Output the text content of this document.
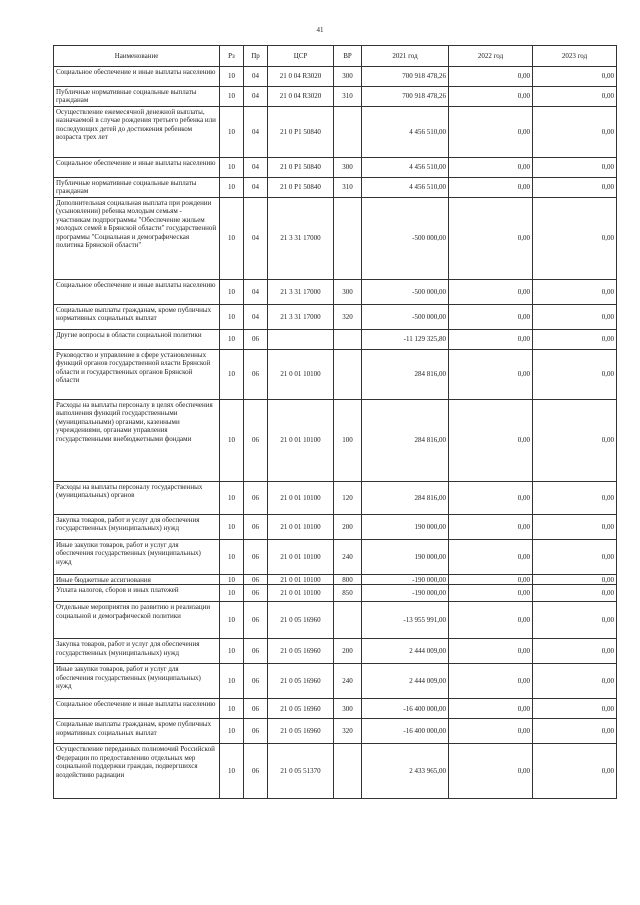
41
Наименование	Рз	Пр	ЦСР	ВР	2021 год	2022 год	2023 год
Социальное обеспечение и иные выплаты населению	10	04	21 0 04 R3020	300	700 918 478,26	0,00	0,00
Публичные нормативные социальные выплаты гражданам	10	04	21 0 04 R3020	310	700 918 478,26	0,00	0,00
Осуществление ежемесячной денежной выплаты, назначаемой в случае рождения третьего ребенка или последующих детей до достижения ребенком возраста трех лет	10	04	21 0 P1 50840		4 456 510,00	0,00	0,00
Социальное обеспечение и иные выплаты населению	10	04	21 0 P1 50840	300	4 456 510,00	0,00	0,00
Публичные нормативные социальные выплаты гражданам	10	04	21 0 P1 50840	310	4 456 510,00	0,00	0,00
Дополнительная социальная выплата при рождении (усыновлении) ребенка молодым семьям - участникам подпрограммы "Обеспечение жильем молодых семей в Брянской области" государственной программы "Социальная и демографическая политика Брянской области"	10	04	21 3 31 17000		-500 000,00	0,00	0,00
Социальное обеспечение и иные выплаты населению	10	04	21 3 31 17000	300	-500 000,00	0,00	0,00
Социальные выплаты гражданам, кроме публичных нормативных социальных выплат	10	04	21 3 31 17000	320	-500 000,00	0,00	0,00
Другие вопросы в области социальной политики	10	06			-11 129 325,80	0,00	0,00
Руководство и управление в сфере установленных функций органов государственной власти Брянской области и государственных органов Брянской области	10	06	21 0 01 10100		284 816,00	0,00	0,00
Расходы на выплаты персоналу в целях обеспечения выполнения функций государственными (муниципальными) органами, казенными учреждениями, органами управления государственными внебюджетными фондами	10	06	21 0 01 10100	100	284 816,00	0,00	0,00
Расходы на выплаты персоналу государственных (муниципальных) органов	10	06	21 0 01 10100	120	284 816,00	0,00	0,00
Закупка товаров, работ и услуг для обеспечения государственных (муниципальных) нужд	10	06	21 0 01 10100	200	190 000,00	0,00	0,00
Иные закупки товаров, работ и услуг для обеспечения государственных (муниципальных) нужд	10	06	21 0 01 10100	240	190 000,00	0,00	0,00
Иные бюджетные ассигнования	10	06	21 0 01 10100	800	-190 000,00	0,00	0,00
Уплата налогов, сборов и иных платежей	10	06	21 0 01 10100	850	-190 000,00	0,00	0,00
Отдельные мероприятия по развитию и реализации социальной и демографической политики	10	06	21 0 05 16960		-13 955 991,00	0,00	0,00
Закупка товаров, работ и услуг для обеспечения государственных (муниципальных) нужд	10	06	21 0 05 16960	200	2 444 009,00	0,00	0,00
Иные закупки товаров, работ и услуг для обеспечения государственных (муниципальных) нужд	10	06	21 0 05 16960	240	2 444 009,00	0,00	0,00
Социальное обеспечение и иные выплаты населению	10	06	21 0 05 16960	300	-16 400 000,00	0,00	0,00
Социальные выплаты гражданам, кроме публичных нормативных социальных выплат	10	06	21 0 05 16960	320	-16 400 000,00	0,00	0,00
Осуществление переданных полномочий Российской Федерации по предоставлению отдельных мер социальной поддержки граждан, подвергшихся воздействию радиации	10	06	21 0 05 51370		2 433 965,00	0,00	0,00
